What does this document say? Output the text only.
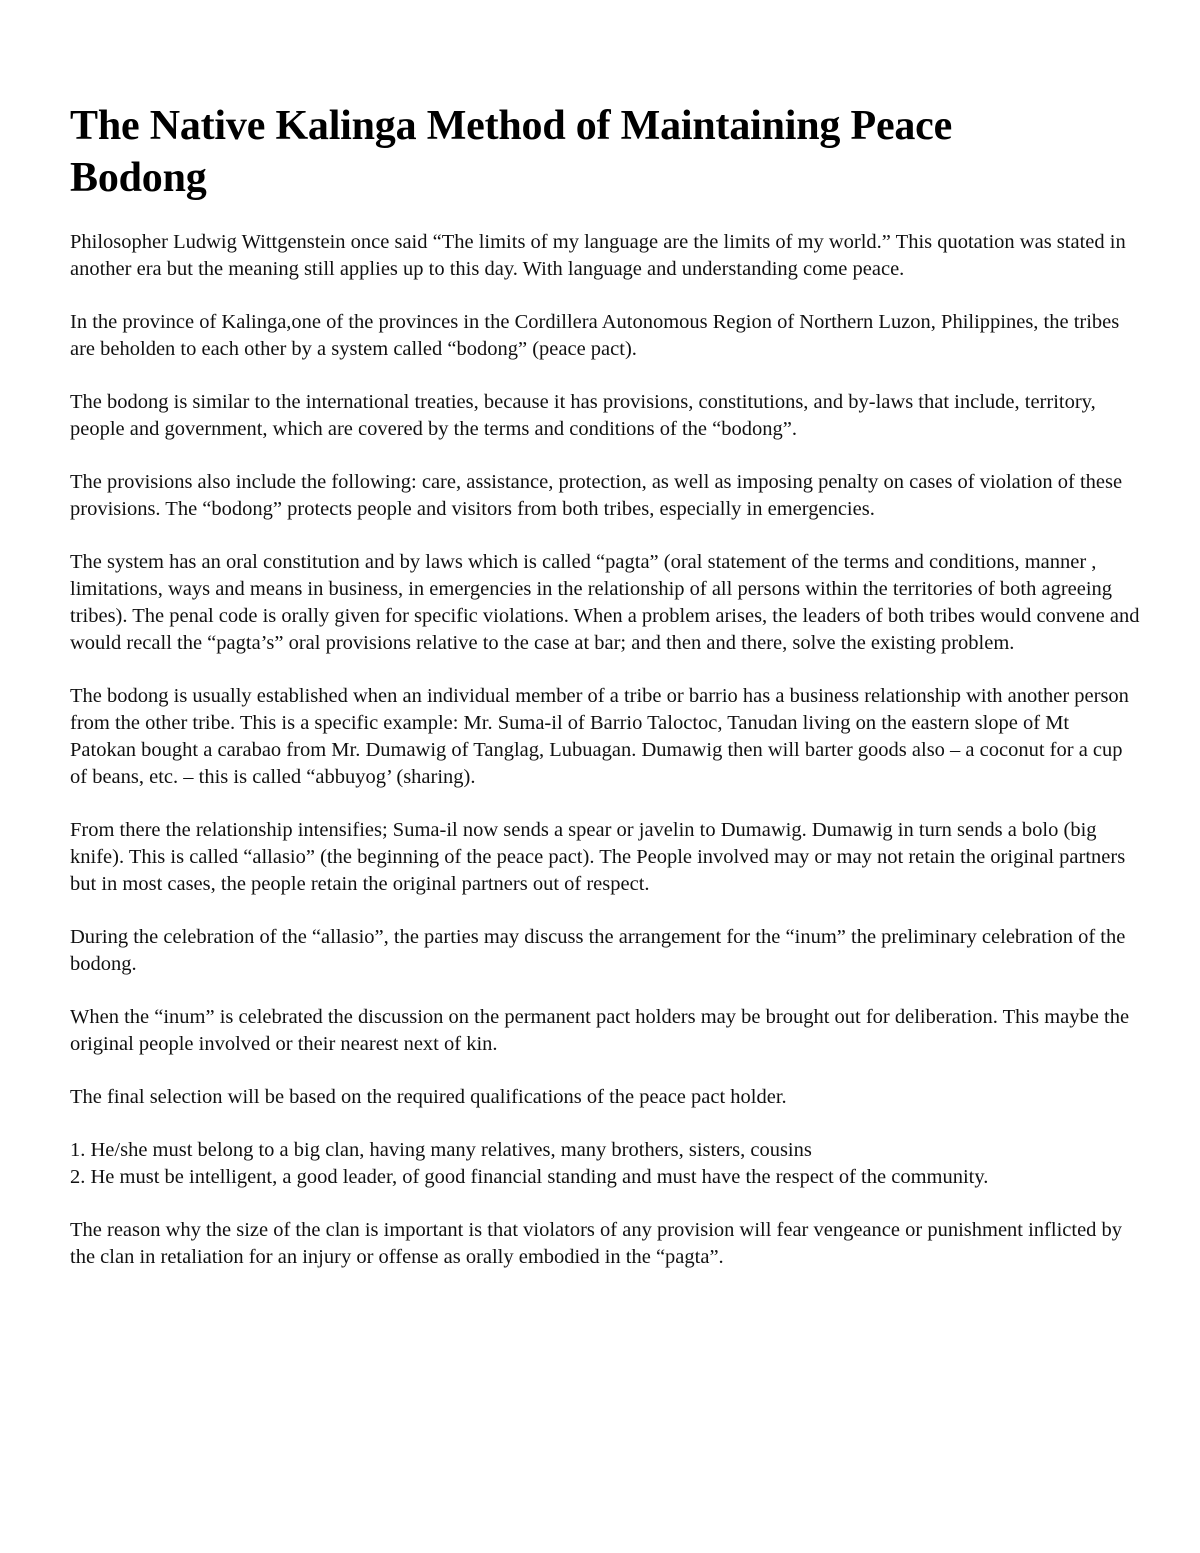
The Native Kalinga Method of Maintaining Peace
Bodong

Philosopher Ludwig Wittgenstein once said “The limits of my language are the limits of my world.” This quotation was stated in another era but the meaning still applies up to this day. With language and understanding come peace.

In the province of Kalinga,one of the provinces in the Cordillera Autonomous Region of Northern Luzon, Philippines, the tribes are beholden to each other by a system called “bodong” (peace pact).

The bodong is similar to the international treaties, because it has provisions, constitutions, and by-laws that include, territory, people and government, which are covered by the terms and conditions of the “bodong”.

The provisions also include the following: care, assistance, protection, as well as imposing penalty on cases of violation of these provisions. The “bodong” protects people and visitors from both tribes, especially in emergencies.

The system has an oral constitution and by laws which is called “pagta” (oral statement of the terms and conditions, manner , limitations, ways and means in business, in emergencies in the relationship of all persons within the territories of both agreeing tribes). The penal code is orally given for specific violations. When a problem arises, the leaders of both tribes would convene and would recall the “pagta’s” oral provisions relative to the case at bar; and then and there, solve the existing problem.

The bodong is usually established when an individual member of a tribe or barrio has a business relationship with another person from the other tribe. This is a specific example: Mr. Suma-il of Barrio Taloctoc, Tanudan living on the eastern slope of Mt Patokan bought a carabao from Mr. Dumawig of Tanglag, Lubuagan. Dumawig then will barter goods also – a coconut for a cup of beans, etc. – this is called “abbuyog’ (sharing).

From there the relationship intensifies; Suma-il now sends a spear or javelin to Dumawig. Dumawig in turn sends a bolo (big knife). This is called “allasio” (the beginning of the peace pact). The People involved may or may not retain the original partners but in most cases, the people retain the original partners out of respect.

During the celebration of the “allasio”, the parties may discuss the arrangement for the “inum” the preliminary celebration of the bodong.

When the “inum” is celebrated the discussion on the permanent pact holders may be brought out for deliberation. This maybe the original people involved or their nearest next of kin.

The final selection will be based on the required qualifications of the peace pact holder.

1. He/she must belong to a big clan, having many relatives, many brothers, sisters, cousins
2. He must be intelligent, a good leader, of good financial standing and must have the respect of the community.

The reason why the size of the clan is important is that violators of any provision will fear vengeance or punishment inflicted by the clan in retaliation for an injury or offense as orally embodied in the “pagta”.
